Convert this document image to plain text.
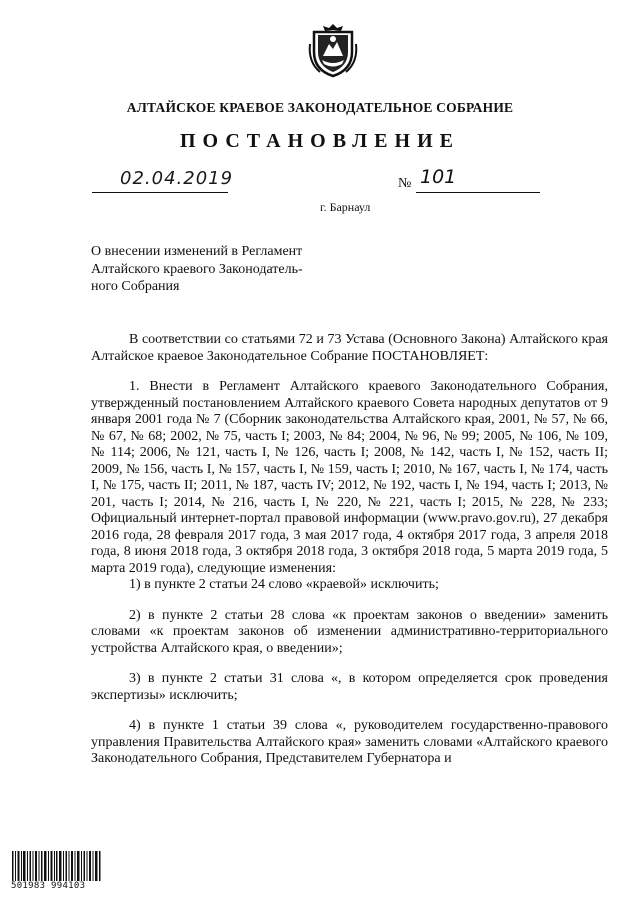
АЛТАЙСКОЕ КРАЕВОЕ ЗАКОНОДАТЕЛЬНОЕ СОБРАНИЕ
ПОСТАНОВЛЕНИЕ
02.04.2019	№ 101
г. Барнаул
О внесении изменений в Регламент
Алтайского краевого Законодатель-
ного Собрания

В соответствии со статьями 72 и 73 Устава (Основного Закона) Алтайского края Алтайское краевое Законодательное Собрание ПОСТАНОВЛЯЕТ:

1. Внести в Регламент Алтайского краевого Законодательного Собрания, утвержденный постановлением Алтайского краевого Совета народных депутатов от 9 января 2001 года № 7 (Сборник законодательства Алтайского края, 2001, № 57, № 66, № 67, № 68; 2002, № 75, часть I; 2003, № 84; 2004, № 96, № 99; 2005, № 106, № 109, № 114; 2006, № 121, часть I, № 126, часть I; 2008, № 142, часть I, № 152, часть II; 2009, № 156, часть I, № 157, часть I, № 159, часть I; 2010, № 167, часть I, № 174, часть I, № 175, часть II; 2011, № 187, часть IV; 2012, № 192, часть I, № 194, часть I; 2013, № 201, часть I; 2014, № 216, часть I, № 220, № 221, часть I; 2015, № 228, № 233; Официальный интернет-портал правовой информации (www.pravo.gov.ru), 27 декабря 2016 года, 28 февраля 2017 года, 3 мая 2017 года, 4 октября 2017 года, 3 апреля 2018 года, 8 июня 2018 года, 3 октября 2018 года, 3 октября 2018 года, 5 марта 2019 года, 5 марта 2019 года), следующие изменения:

1) в пункте 2 статьи 24 слово «краевой» исключить;

2) в пункте 2 статьи 28 слова «к проектам законов о введении» заменить словами «к проектам законов об изменении административно-территориального устройства Алтайского края, о введении»;

3) в пункте 2 статьи 31 слова «, в котором определяется срок проведения экспертизы» исключить;

4) в пункте 1 статьи 39 слова «, руководителем государственно-правового управления Правительства Алтайского края» заменить словами «Алтайского краевого Законодательного Собрания, Представителем Губернатора и

501983 994103
